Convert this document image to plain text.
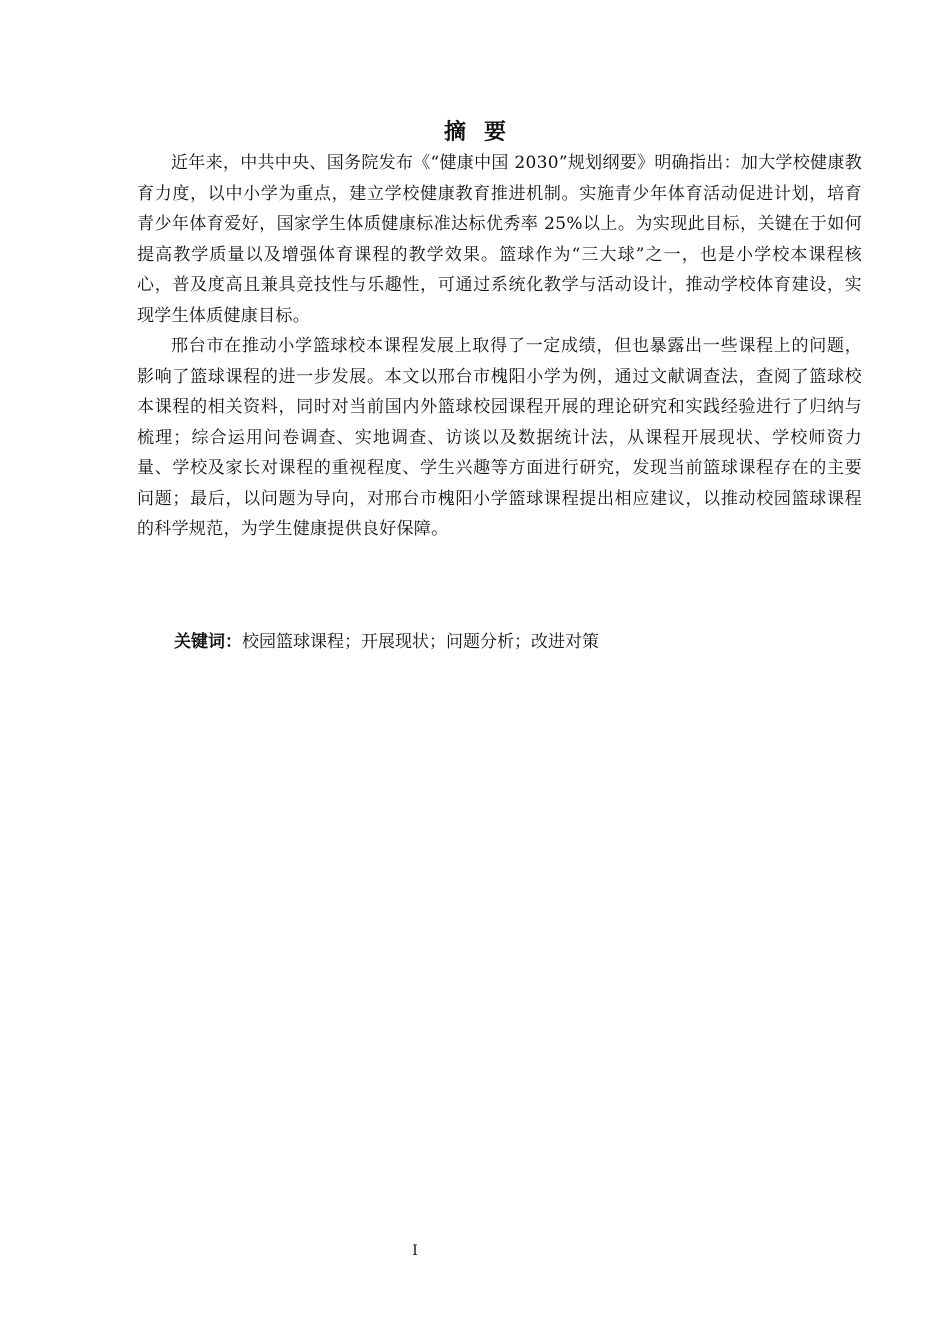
摘 要

近年来，中共中央、国务院发布《“健康中国 2030”规划纲要》明确指出：加大学校健康教育力度，以中小学为重点，建立学校健康教育推进机制。实施青少年体育活动促进计划，培育青少年体育爱好，国家学生体质健康标准达标优秀率 25%以上。为实现此目标，关键在于如何提高教学质量以及增强体育课程的教学效果。篮球作为“三大球”之一，也是小学校本课程核心，普及度高且兼具竞技性与乐趣性，可通过系统化教学与活动设计，推动学校体育建设，实现学生体质健康目标。

邢台市在推动小学篮球校本课程发展上取得了一定成绩，但也暴露出一些课程上的问题，影响了篮球课程的进一步发展。本文以邢台市槐阳小学为例，通过文献调查法，查阅了篮球校本课程的相关资料，同时对当前国内外篮球校园课程开展的理论研究和实践经验进行了归纳与梳理；综合运用问卷调查、实地调查、访谈以及数据统计法，从课程开展现状、学校师资力量、学校及家长对课程的重视程度、学生兴趣等方面进行研究，发现当前篮球课程存在的主要问题；最后，以问题为导向，对邢台市槐阳小学篮球课程提出相应建议，以推动校园篮球课程的科学规范，为学生健康提供良好保障。

关键词：校园篮球课程；开展现状；问题分析；改进对策
I
